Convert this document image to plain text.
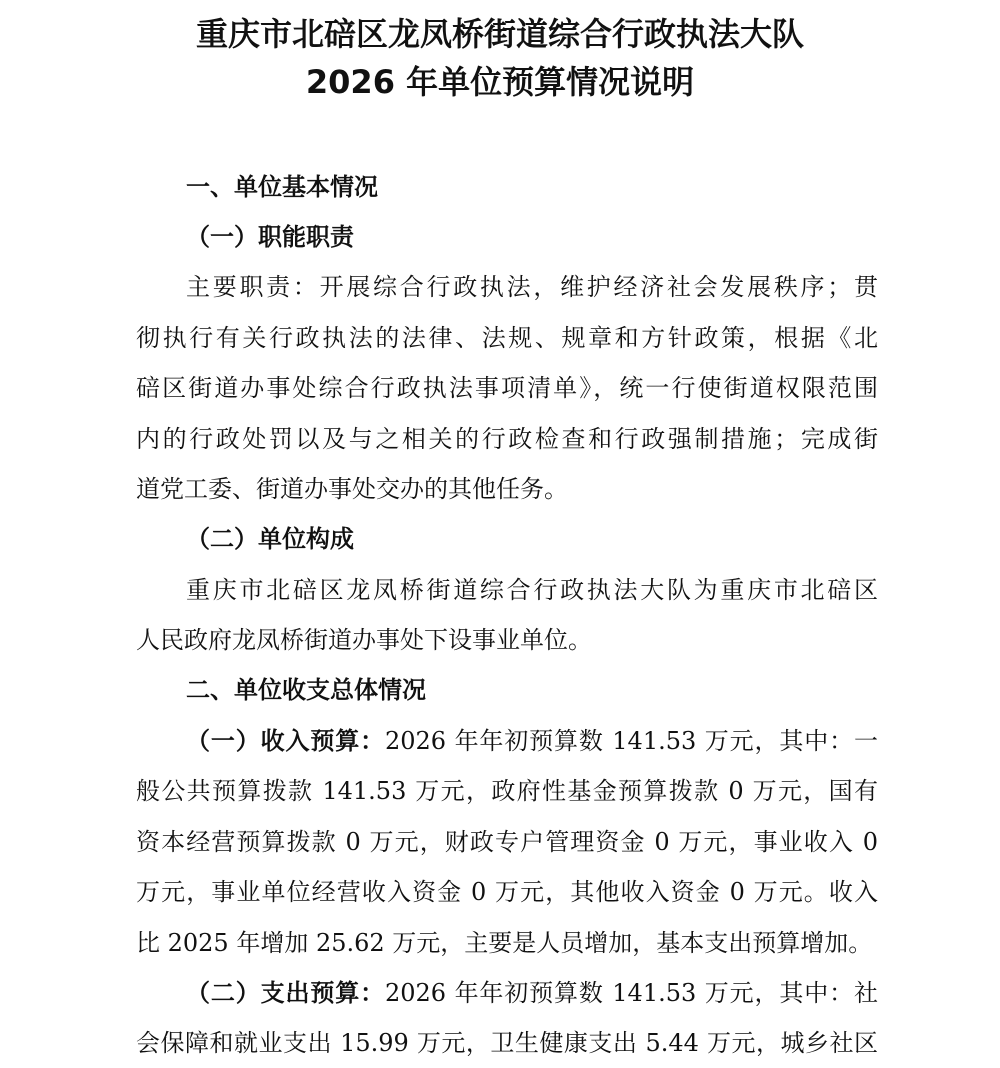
重庆市北碚区龙凤桥街道综合行政执法大队
2026 年单位预算情况说明
一、单位基本情况
（一）职能职责

主要职责：开展综合行政执法，维护经济社会发展秩序；贯

彻执行有关行政执法的法律、法规、规章和方针政策，根据《北

碚区街道办事处综合行政执法事项清单》，统一行使街道权限范围

内的行政处罚以及与之相关的行政检查和行政强制措施；完成街

道党工委、街道办事处交办的其他任务。

（二）单位构成

重庆市北碚区龙凤桥街道综合行政执法大队为重庆市北碚区

人民政府龙凤桥街道办事处下设事业单位。

二、单位收支总体情况

（一）收入预算：2026 年年初预算数 141.53 万元，其中：一

般公共预算拨款 141.53 万元，政府性基金预算拨款 0 万元，国有

资本经营预算拨款 0 万元，财政专户管理资金 0 万元，事业收入 0

万元，事业单位经营收入资金 0 万元，其他收入资金 0 万元。收入

比 2025 年增加 25.62 万元，主要是人员增加，基本支出预算增加。

（二）支出预算：2026 年年初预算数 141.53 万元，其中：社

会保障和就业支出 15.99 万元，卫生健康支出 5.44 万元，城乡社区
